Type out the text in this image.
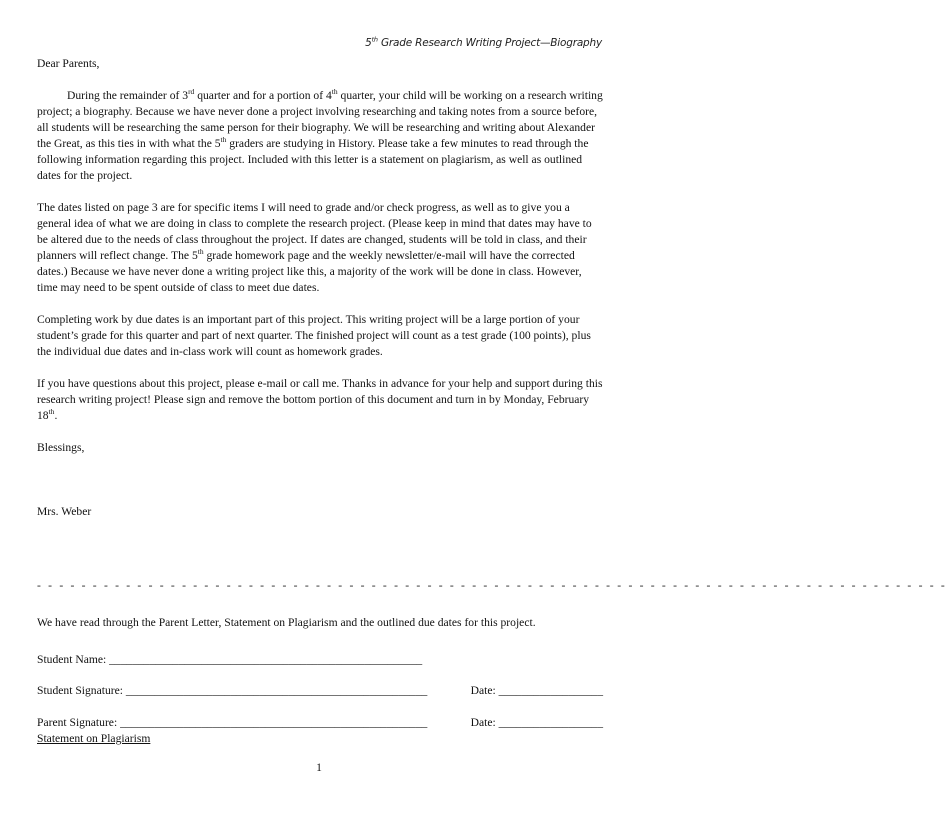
5th Grade Research Writing Project—Biography

Dear Parents,

During the remainder of 3rd quarter and for a portion of 4th quarter, your child will be working on a research writing project; a biography. Because we have never done a project involving researching and taking notes from a source before, all students will be researching the same person for their biography. We will be researching and writing about Alexander the Great, as this ties in with what the 5th graders are studying in History. Please take a few minutes to read through the following information regarding this project. Included with this letter is a statement on plagiarism, as well as outlined dates for the project.

The dates listed on page 3 are for specific items I will need to grade and/or check progress, as well as to give you a general idea of what we are doing in class to complete the research project. (Please keep in mind that dates may have to be altered due to the needs of class throughout the project. If dates are changed, students will be told in class, and their planners will reflect change. The 5th grade homework page and the weekly newsletter/e-mail will have the corrected dates.) Because we have never done a writing project like this, a majority of the work will be done in class. However, time may need to be spent outside of class to meet due dates.

Completing work by due dates is an important part of this project. This writing project will be a large portion of your student’s grade for this quarter and part of next quarter. The finished project will count as a test grade (100 points), plus the individual due dates and in-class work will count as homework grades.

If you have questions about this project, please e-mail or call me. Thanks in advance for your help and support during this research writing project! Please sign and remove the bottom portion of this document and turn in by Monday, February 18th.

Blessings,

Mrs. Weber

- - - - - - - - - - - - - - - - - - - - - - - - - - - - - - - - - - - - - - - - - - - - - - - - - - - - - - - - - - - - - - - - - - - - - - - - - - - - - - - - - -
We have read through the Parent Letter, Statement on Plagiarism and the outlined due dates for this project.
Student Name: ______________________________________________________
Student Signature: ____________________________________________________	Date: __________________
Parent Signature: _____________________________________________________	Date: __________________
Statement on Plagiarism
1
